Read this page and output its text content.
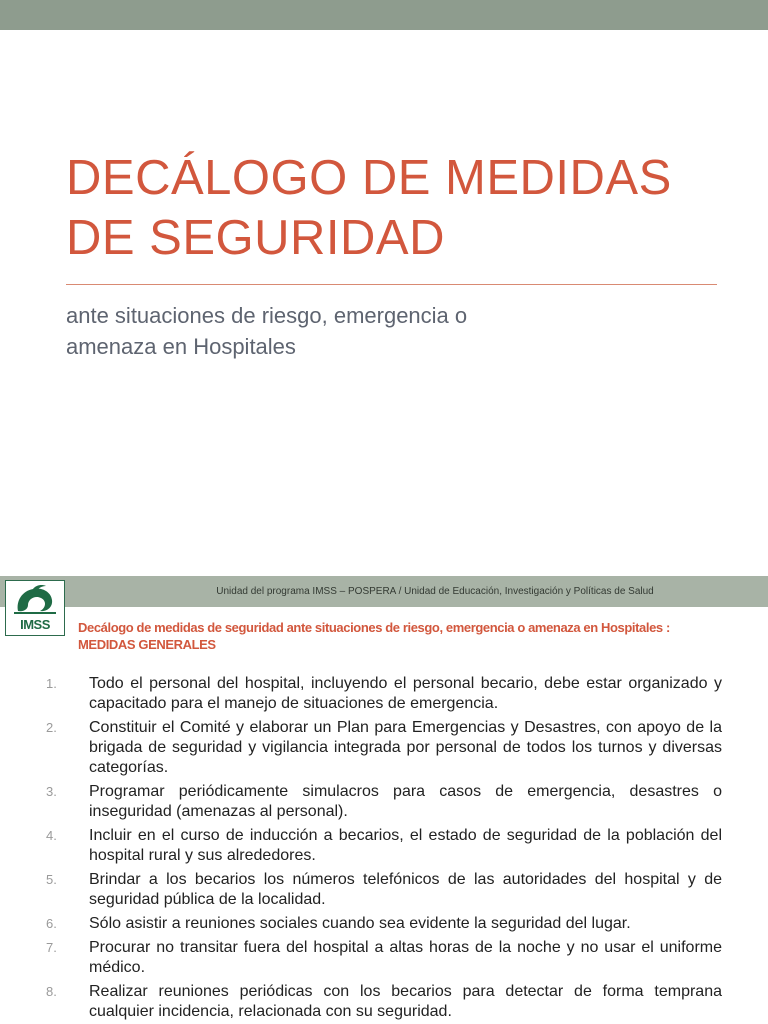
DECÁLOGO DE MEDIDAS
DE SEGURIDAD

ante situaciones de riesgo, emergencia o
amenaza en Hospitales

Unidad del programa IMSS – POSPERA / Unidad de Educación, Investigación y Políticas de Salud
IMSS	Decálogo de medidas de seguridad ante situaciones de riesgo, emergencia o amenaza en Hospitales :
MEDIDAS GENERALES
1. Todo el personal del hospital, incluyendo el personal becario, debe estar organizado y capacitado para el manejo de situaciones de emergencia.
2. Constituir el Comité y elaborar un Plan para Emergencias y Desastres, con apoyo de la brigada de seguridad y vigilancia integrada por personal de todos los turnos y diversas categorías.
3. Programar periódicamente simulacros para casos de emergencia, desastres o inseguridad (amenazas al personal).
4. Incluir en el curso de inducción a becarios, el estado de seguridad de la población del hospital rural y sus alrededores.
5. Brindar a los becarios los números telefónicos de las autoridades del hospital y de seguridad pública de la localidad.
6. Sólo asistir a reuniones sociales cuando sea evidente la seguridad del lugar.
7. Procurar no transitar fuera del hospital a altas horas de la noche y no usar el uniforme médico.
8. Realizar reuniones periódicas con los becarios para detectar de forma temprana cualquier incidencia, relacionada con su seguridad.
